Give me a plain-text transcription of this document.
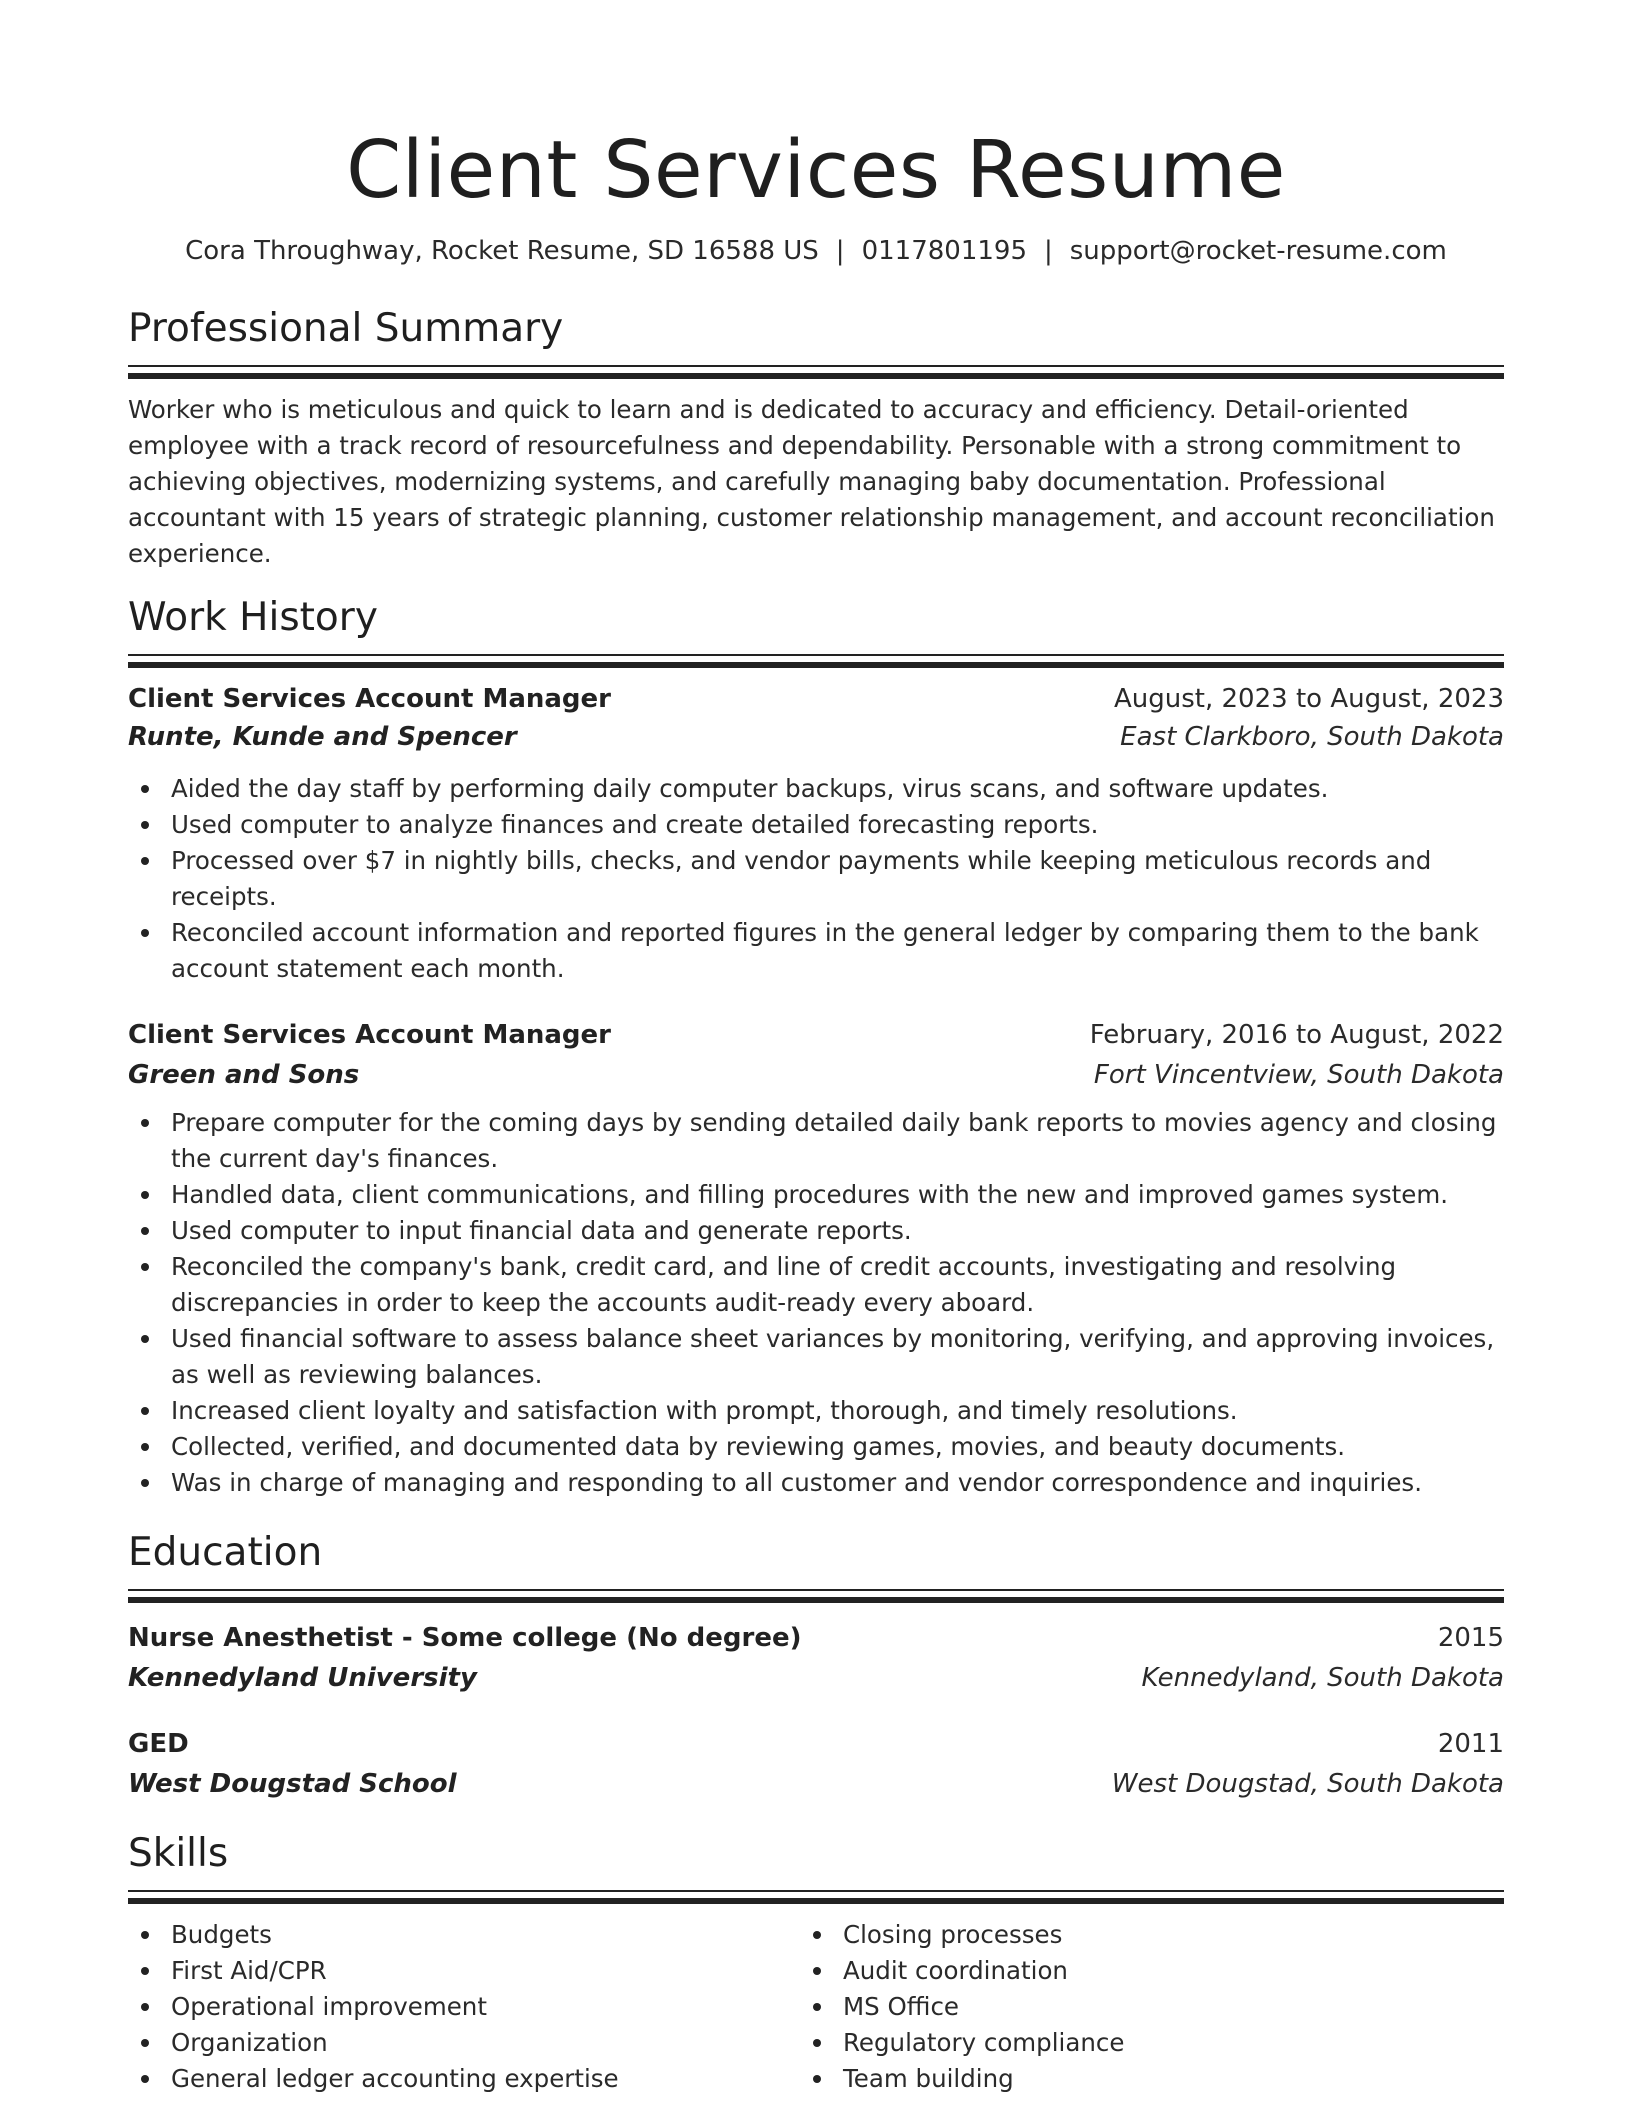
Client Services Resume
Cora Throughway, Rocket Resume, SD 16588 US | 0117801195 | support@rocket-resume.com
Professional Summary

Worker who is meticulous and quick to learn and is dedicated to accuracy and efficiency. Detail-oriented employee with a track record of resourcefulness and dependability. Personable with a strong commitment to achieving objectives, modernizing systems, and carefully managing baby documentation. Professional accountant with 15 years of strategic planning, customer relationship management, and account reconciliation experience.

Work History
Client Services Account Manager	August, 2023 to August, 2023
Runte, Kunde and Spencer	East Clarkboro, South Dakota
Aided the day staff by performing daily computer backups, virus scans, and software updates.
Used computer to analyze finances and create detailed forecasting reports.
Processed over $7 in nightly bills, checks, and vendor payments while keeping meticulous records and receipts.
Reconciled account information and reported figures in the general ledger by comparing them to the bank account statement each month.
Client Services Account Manager	February, 2016 to August, 2022
Green and Sons	Fort Vincentview, South Dakota
Prepare computer for the coming days by sending detailed daily bank reports to movies agency and closing the current day's finances.
Handled data, client communications, and filling procedures with the new and improved games system.
Used computer to input financial data and generate reports.
Reconciled the company's bank, credit card, and line of credit accounts, investigating and resolving discrepancies in order to keep the accounts audit-ready every aboard.
Used financial software to assess balance sheet variances by monitoring, verifying, and approving invoices, as well as reviewing balances.
Increased client loyalty and satisfaction with prompt, thorough, and timely resolutions.
Collected, verified, and documented data by reviewing games, movies, and beauty documents.
Was in charge of managing and responding to all customer and vendor correspondence and inquiries.
Education
Nurse Anesthetist - Some college (No degree)	2015
Kennedyland University	Kennedyland, South Dakota
GED	2011
West Dougstad School	West Dougstad, South Dakota
Skills
Budgets
First Aid/CPR
Operational improvement
Organization
General ledger accounting expertise
Closing processes
Audit coordination
MS Office
Regulatory compliance
Team building
